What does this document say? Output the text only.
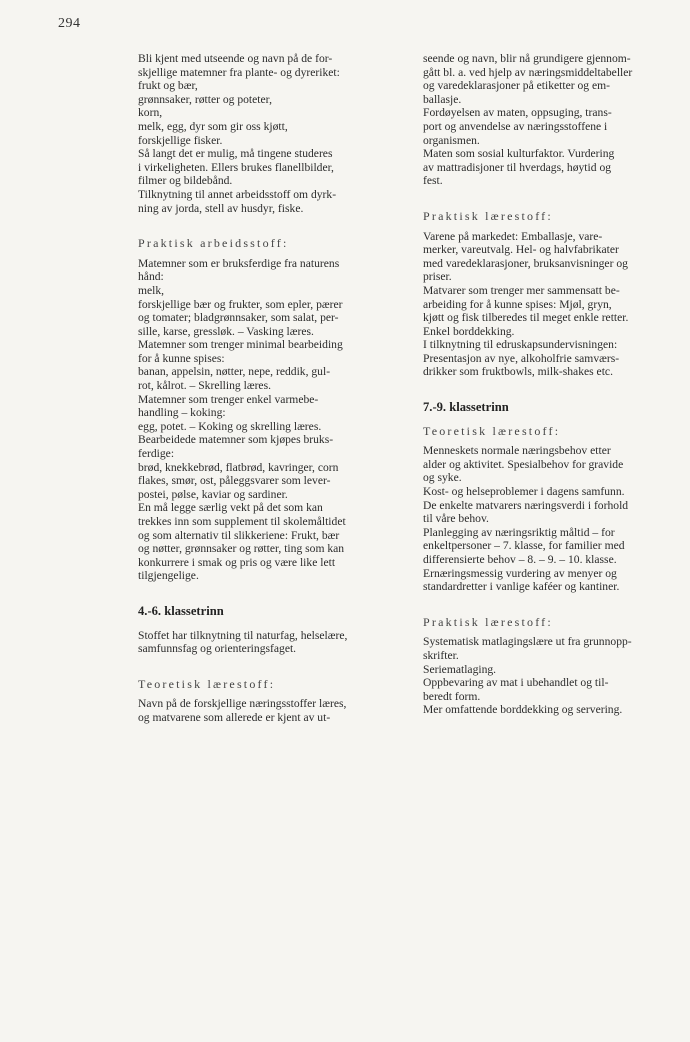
294
Bli kjent med utseende og navn på de for-
skjellige matemner fra plante- og dyreriket:
frukt og bær,
grønnsaker, røtter og poteter,
korn,
melk, egg, dyr som gir oss kjøtt,
forskjellige fisker.
Så langt det er mulig, må tingene studeres
i virkeligheten. Ellers brukes flanellbilder,
filmer og bildebånd.
Tilknytning til annet arbeidsstoff om dyrk-
ning av jorda, stell av husdyr, fiske.
Praktisk arbeidsstoff:
Matemner som er bruksferdige fra naturens
hånd:
melk,
forskjellige bær og frukter, som epler, pærer
og tomater; bladgrønnsaker, som salat, per-
sille, karse, gressløk. – Vasking læres.
Matemner som trenger minimal bearbeiding
for å kunne spises:
banan, appelsin, nøtter, nepe, reddik, gul-
rot, kålrot. – Skrelling læres.
Matemner som trenger enkel varmebe-
handling – koking:
egg, potet. – Koking og skrelling læres.
Bearbeidede matemner som kjøpes bruks-
ferdige:
brød, knekkebrød, flatbrød, kavringer, corn
flakes, smør, ost, påleggsvarer som lever-
postei, pølse, kaviar og sardiner.
En må legge særlig vekt på det som kan
trekkes inn som supplement til skolemåltidet
og som alternativ til slikkeriene: Frukt, bær
og nøtter, grønnsaker og røtter, ting som kan
konkurrere i smak og pris og være like lett
tilgjengelige.
4.-6. klassetrinn
Stoffet har tilknytning til naturfag, helselære,
samfunnsfag og orienteringsfaget.
Teoretisk lærestoff:
Navn på de forskjellige næringsstoffer læres,
og matvarene som allerede er kjent av ut-
seende og navn, blir nå grundigere gjennom-
gått bl. a. ved hjelp av næringsmiddeltabeller
og varedeklarasjoner på etiketter og em-
ballasje.
Fordøyelsen av maten, oppsuging, trans-
port og anvendelse av næringsstoffene i
organismen.
Maten som sosial kulturfaktor. Vurdering
av mattradisjoner til hverdags, høytid og
fest.
Praktisk lærestoff:
Varene på markedet: Emballasje, vare-
merker, vareutvalg. Hel- og halvfabrikater
med varedeklarasjoner, bruksanvisninger og
priser.
Matvarer som trenger mer sammensatt be-
arbeiding for å kunne spises: Mjøl, gryn,
kjøtt og fisk tilberedes til meget enkle retter.
Enkel borddekking.
I tilknytning til edruskapsundervisningen:
Presentasjon av nye, alkoholfrie samværs-
drikker som fruktbowls, milk-shakes etc.
7.-9. klassetrinn
Teoretisk lærestoff:
Menneskets normale næringsbehov etter
alder og aktivitet. Spesialbehov for gravide
og syke.
Kost- og helseproblemer i dagens samfunn.
De enkelte matvarers næringsverdi i forhold
til våre behov.
Planlegging av næringsriktig måltid – for
enkeltpersoner – 7. klasse, for familier med
differensierte behov – 8. – 9. – 10. klasse.
Ernæringsmessig vurdering av menyer og
standardretter i vanlige kaféer og kantiner.
Praktisk lærestoff:
Systematisk matlagingslære ut fra grunnopp-
skrifter.
Seriematlaging.
Oppbevaring av mat i ubehandlet og til-
beredt form.
Mer omfattende borddekking og servering.
